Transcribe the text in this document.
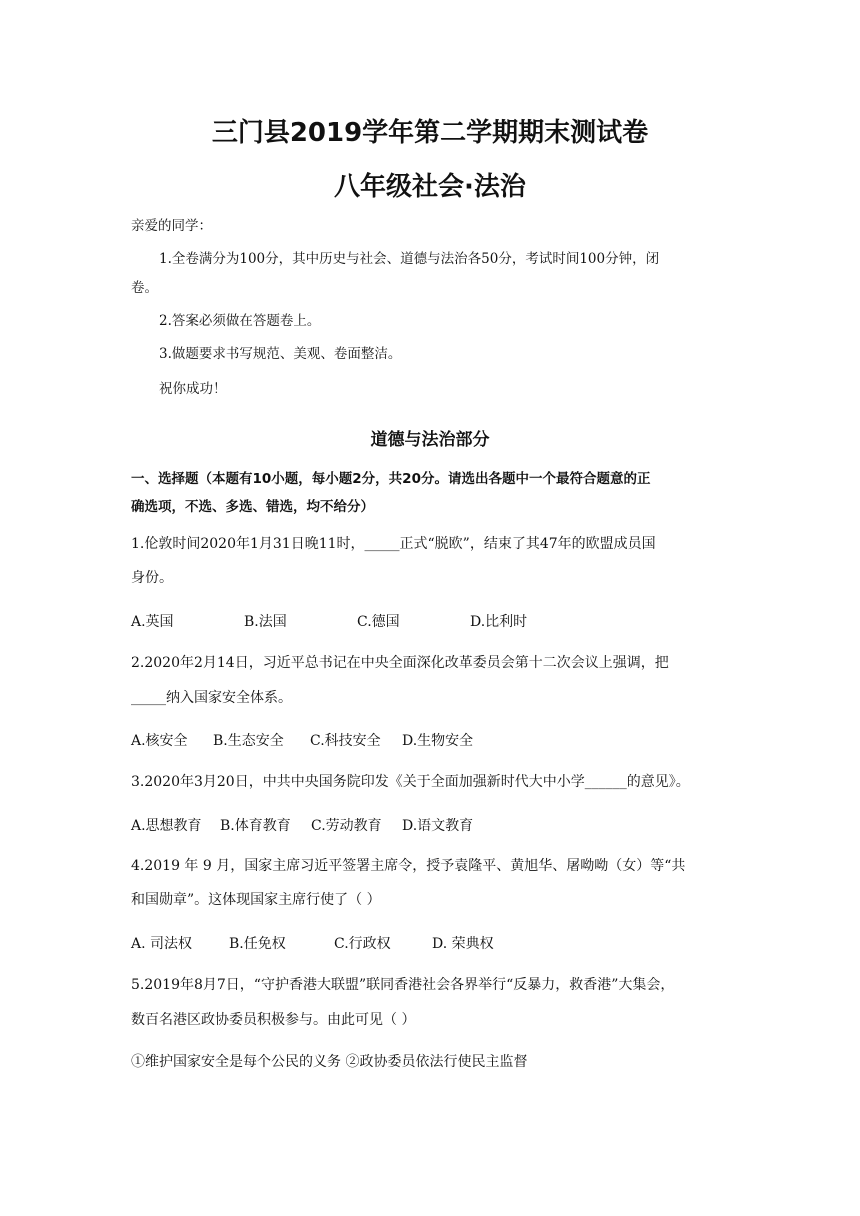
三门县2019学年第二学期期末测试卷
八年级社会·法治
亲爱的同学：
1.全卷满分为100分，其中历史与社会、道德与法治各50分，考试时间100分钟，闭
卷。
2.答案必须做在答题卷上。
3.做题要求书写规范、美观、卷面整洁。
祝你成功！
道德与法治部分
一、选择题（本题有10小题，每小题2分，共20分。请选出各题中一个最符合题意的正
确选项，不选、多选、错选，均不给分）
1.伦敦时间2020年1月31日晚11时，_____正式“脱欧”，结束了其47年的欧盟成员国
身份。
A.英国	B.法国	C.德国	D.比利时
2.2020年2月14日，习近平总书记在中央全面深化改革委员会第十二次会议上强调，把
_____纳入国家安全体系。
A.核安全 B.生态安全 C.科技安全 D.生物安全
3.2020年3月20日，中共中央国务院印发《关于全面加强新时代大中小学______的意见》。
A.思想教育 B.体育教育 C.劳动教育 D.语文教育
4.2019 年 9 月，国家主席习近平签署主席令，授予袁隆平、黄旭华、屠呦呦（女）等“共
和国勋章”。这体现国家主席行使了（ ）
A. 司法权	B.任免权	C.行政权	D. 荣典权
5.2019年8月7日，“守护香港大联盟”联同香港社会各界举行“反暴力，救香港”大集会，
数百名港区政协委员积极参与。由此可见（ ）
①维护国家安全是每个公民的义务 ②政协委员依法行使民主监督
